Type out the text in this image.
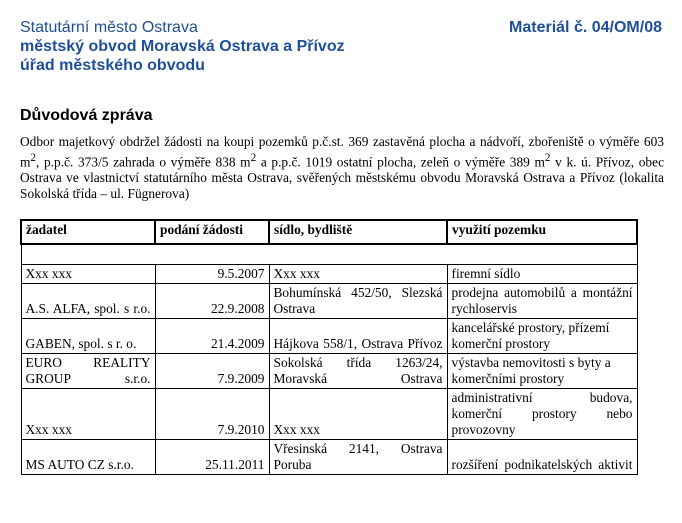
Statutární město Ostrava
městský obvod Moravská Ostrava a Přívoz
úřad městského obvodu
Materiál č. 04/OM/08
Důvodová zpráva
Odbor majetkový obdržel žádosti na koupi pozemků p.č.st. 369 zastavěná plocha a nádvoří, zbořeniště o výměře 603 $m^2$, p.p.č. 373/5 zahrada o výměře 838 $m^2$ a p.p.č. 1019 ostatní plocha, zeleň o výměře 389 $m^2$ v k. ú. Přívoz, obec Ostrava ve vlastnictví statutárního města Ostrava, svěřených městskému obvodu Moravská Ostrava a Přívoz (lokalita Sokolská třída – ul. Fügnerova)
žadatel	podání žádosti	sídlo, bydliště	využití pozemku

Xxx xxx	9.5.2007	Xxx xxx	firemní sídlo
A.S. ALFA, spol. s r.o.	22.9.2008	Bohumínská 452/50, Slezská Ostrava	prodejna automobilů a montážní rychloservis
GABEN, spol. s r. o.	21.4.2009	Hájkova 558/1, Ostrava Přívoz	kancelářské prostory, přízemí komerční prostory
EURO REALITY GROUP s.r.o.	7.9.2009	Sokolská třída 1263/24, Moravská Ostrava	výstavba nemovitosti s byty a komerčními prostory
Xxx xxx	7.9.2010	Xxx xxx	administrativní budova, komerční prostory nebo provozovny
MS AUTO CZ s.r.o.	25.11.2011	Vřesinská 2141, Ostrava Poruba	rozšíření podnikatelských aktivit
